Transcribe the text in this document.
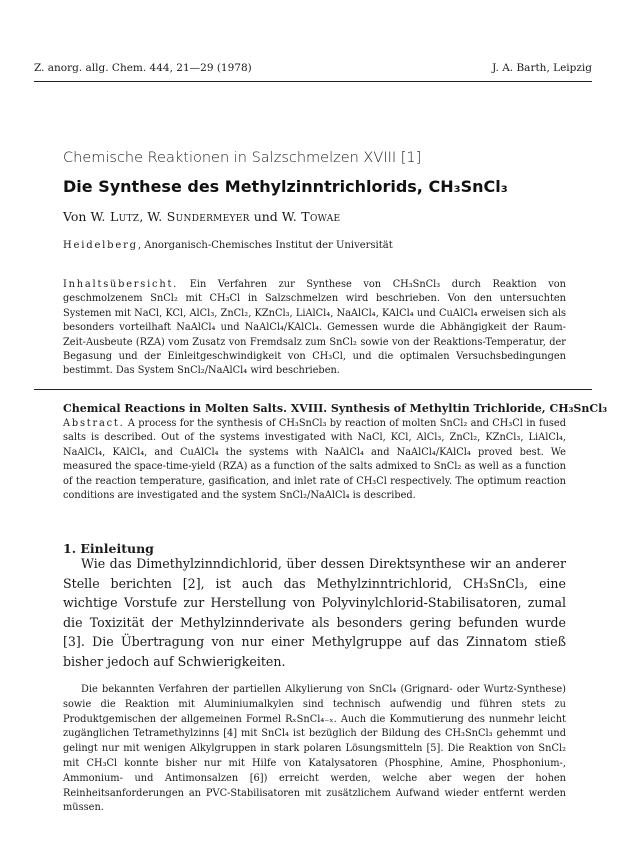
Z. anorg. allg. Chem. 444, 21—29 (1978)	J. A. Barth, Leipzig
Chemische Reaktionen in Salzschmelzen XVIII [1]
Die Synthese des Methylzinntrichlorids, CH₃SnCl₃
Von W. Lutz, W. Sundermeyer und W. Towae
Heidelberg, Anorganisch-Chemisches Institut der Universität

Inhaltsübersicht. Ein Verfahren zur Synthese von CH₃SnCl₃ durch Reaktion von geschmolzenem SnCl₂ mit CH₃Cl in Salzschmelzen wird beschrieben. Von den untersuchten Systemen mit NaCl, KCl, AlCl₃, ZnCl₂, KZnCl₃, LiAlCl₄, NaAlCl₄, KAlCl₄ und CuAlCl₄ erweisen sich als besonders vorteilhaft NaAlCl₄ und NaAlCl₄/KAlCl₄. Gemessen wurde die Abhängigkeit der Raum-Zeit-Ausbeute (RZA) vom Zusatz von Fremdsalz zum SnCl₂ sowie von der Reaktions-Temperatur, der Begasung und der Einleitgeschwindigkeit von CH₃Cl, und die optimalen Versuchsbedingungen bestimmt. Das System SnCl₂/NaAlCl₄ wird beschrieben.

Chemical Reactions in Molten Salts. XVIII. Synthesis of Methyltin Trichloride, CH₃SnCl₃

Abstract. A process for the synthesis of CH₃SnCl₃ by reaction of molten SnCl₂ and CH₃Cl in fused salts is described. Out of the systems investigated with NaCl, KCl, AlCl₃, ZnCl₂, KZnCl₃, LiAlCl₄, NaAlCl₄, KAlCl₄, and CuAlCl₄ the systems with NaAlCl₄ and NaAlCl₄/KAlCl₄ proved best. We measured the space-time-yield (RZA) as a function of the salts admixed to SnCl₂ as well as a function of the reaction temperature, gasification, and inlet rate of CH₃Cl respectively. The optimum reaction conditions are investigated and the system SnCl₂/NaAlCl₄ is described.

1. Einleitung

Wie das Dimethylzinndichlorid, über dessen Direktsynthese wir an anderer Stelle berichten [2], ist auch das Methylzinntrichlorid, CH₃SnCl₃, eine wichtige Vorstufe zur Herstellung von Polyvinylchlorid-Stabilisatoren, zumal die Toxizität der Methylzinnderivate als besonders gering befunden wurde [3]. Die Übertragung von nur einer Methylgruppe auf das Zinnatom stieß bisher jedoch auf Schwierigkeiten.

Die bekannten Verfahren der partiellen Alkylierung von SnCl₄ (Grignard- oder Wurtz-Synthese) sowie die Reaktion mit Aluminiumalkylen sind technisch aufwendig und führen stets zu Produktgemischen der allgemeinen Formel RₓSnCl₄₋ₓ. Auch die Kommutierung des nunmehr leicht zugänglichen Tetramethylzinns [4] mit SnCl₄ ist bezüglich der Bildung des CH₃SnCl₃ gehemmt und gelingt nur mit wenigen Alkylgruppen in stark polaren Lösungsmitteln [5]. Die Reaktion von SnCl₂ mit CH₃Cl konnte bisher nur mit Hilfe von Katalysatoren (Phosphine, Amine, Phosphonium-, Ammonium- und Antimonsalzen [6]) erreicht werden, welche aber wegen der hohen Reinheitsanforderungen an PVC-Stabilisatoren mit zusätzlichem Aufwand wieder entfernt werden müssen.
